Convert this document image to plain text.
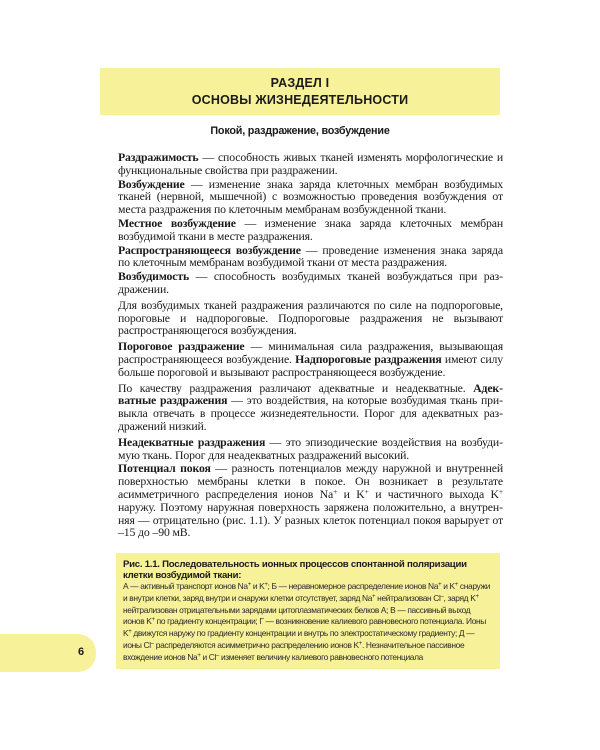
РАЗДЕЛ I
ОСНОВЫ ЖИЗНЕДЕЯТЕЛЬНОСТИ
Покой, раздражение, возбуждение

Раздражимость — способность живых тканей изменять морфологические и функциональные свойства при раздражении.

Возбуждение — изменение знака заряда клеточных мембран возбудимых тканей (нервной, мышечной) с возможностью проведения возбуждения от места раздражения по клеточным мембранам возбужденной ткани.

Местное возбуждение — изменение знака заряда клеточных мембран возбудимой ткани в месте раздражения.

Распространяющееся возбуждение — проведение изменения знака заряда по клеточным мембранам возбудимой ткани от места раздражения.

Возбудимость — способность возбудимых тканей возбуждаться при раздражении.

Для возбудимых тканей раздражения различаются по силе на подпороговые, пороговые и надпороговые. Подпороговые раздражения не вызывают распространяющегося возбуждения.

Пороговое раздражение — минимальная сила раздражения, вызывающая распространяющееся возбуждение. Надпороговые раздражения имеют силу больше пороговой и вызывают распространяющееся возбуждение.

По качеству раздражения различают адекватные и неадекватные. Адекватные раздражения — это воздействия, на которые возбудимая ткань привыкла отвечать в процессе жизнедеятельности. Порог для адекватных раздражений низкий.

Неадекватные раздражения — это эпизодические воздействия на возбудимую ткань. Порог для неадекватных раздражений высокий.

Потенциал покоя — разность потенциалов между наружной и внутренней поверхностью мембраны клетки в покое. Он возникает в результате асимметричного распределения ионов Na+ и K+ и частичного выхода K+ наружу. Поэтому наружная поверхность заряжена положительно, а внутренняя — отрицательно (рис. 1.1). У разных клеток потенциал покоя варырует от –15 до –90 мВ.

Рис. 1.1. Последовательность ионных процессов спонтанной поляризации клетки возбудимой ткани:

А — активный транспорт ионов Na+ и K+; Б — неравномерное распределение ионов Na+ и K+ снаружи и внутри клетки, заряд внутри и снаружи клетки отсутствует, заряд Na+ нейтрализован Cl–, заряд K+ нейтрализован отрицательными зарядами цитоплазматических белков A; В — пассивный выход ионов K+ по градиенту концентрации; Г — возникновение калиевого равновесного потенциала. Ионы K+ движутся наружу по градиенту концентрации и внутрь по электростатическому градиенту; Д — ионы Cl– распределяются асимметрично распределению ионов K+. Незначительное пассивное вхождение ионов Na+ и Cl– изменяет величину калиевого равновесного потенциала

6
